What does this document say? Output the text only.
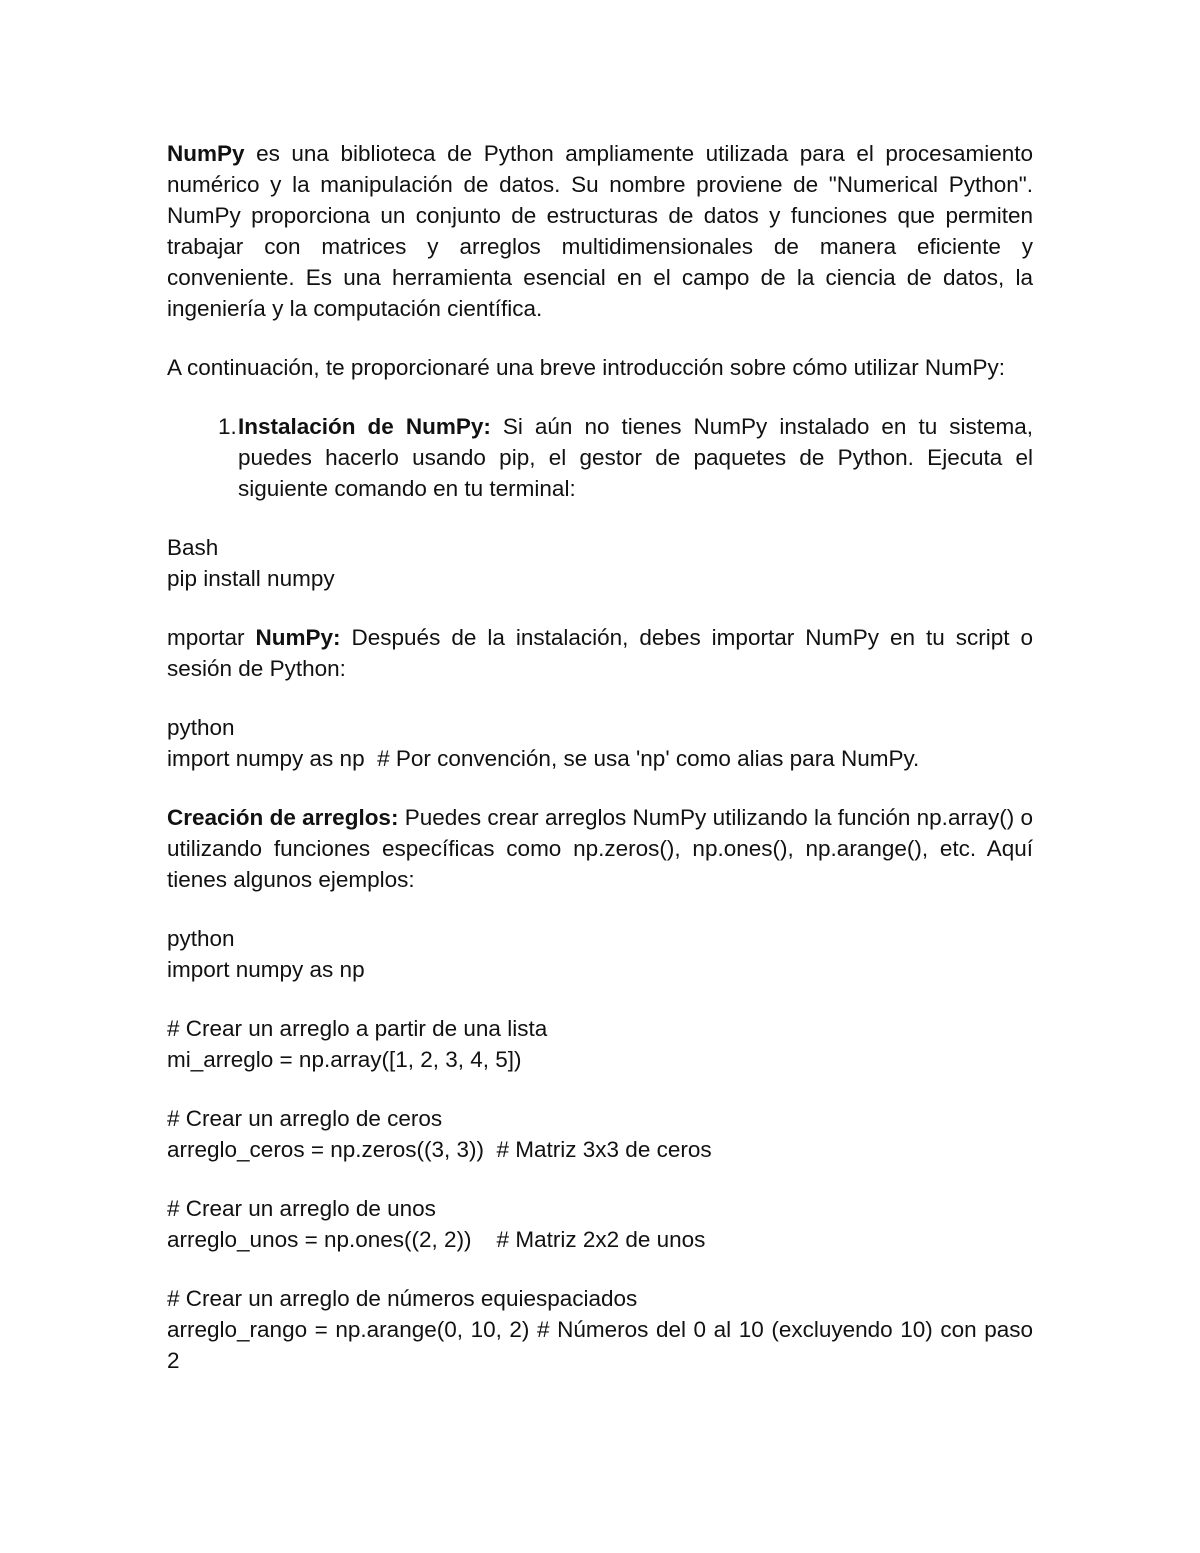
NumPy es una biblioteca de Python ampliamente utilizada para el procesamiento numérico y la manipulación de datos. Su nombre proviene de "Numerical Python". NumPy proporciona un conjunto de estructuras de datos y funciones que permiten trabajar con matrices y arreglos multidimensionales de manera eficiente y conveniente. Es una herramienta esencial en el campo de la ciencia de datos, la ingeniería y la computación científica.

A continuación, te proporcionaré una breve introducción sobre cómo utilizar NumPy:

1. Instalación de NumPy: Si aún no tienes NumPy instalado en tu sistema, puedes hacerlo usando pip, el gestor de paquetes de Python. Ejecuta el siguiente comando en tu terminal:

Bash

pip install numpy

mportar NumPy: Después de la instalación, debes importar NumPy en tu script o sesión de Python:

python

import numpy as np  # Por convención, se usa 'np' como alias para NumPy.

Creación de arreglos: Puedes crear arreglos NumPy utilizando la función np.array() o utilizando funciones específicas como np.zeros(), np.ones(), np.arange(), etc. Aquí tienes algunos ejemplos:

python

import numpy as np

# Crear un arreglo a partir de una lista

mi_arreglo = np.array([1, 2, 3, 4, 5])

# Crear un arreglo de ceros

arreglo_ceros = np.zeros((3, 3))  # Matriz 3x3 de ceros

# Crear un arreglo de unos

arreglo_unos = np.ones((2, 2))    # Matriz 2x2 de unos

# Crear un arreglo de números equiespaciados

arreglo_rango = np.arange(0, 10, 2) # Números del 0 al 10 (excluyendo 10) con paso 2
